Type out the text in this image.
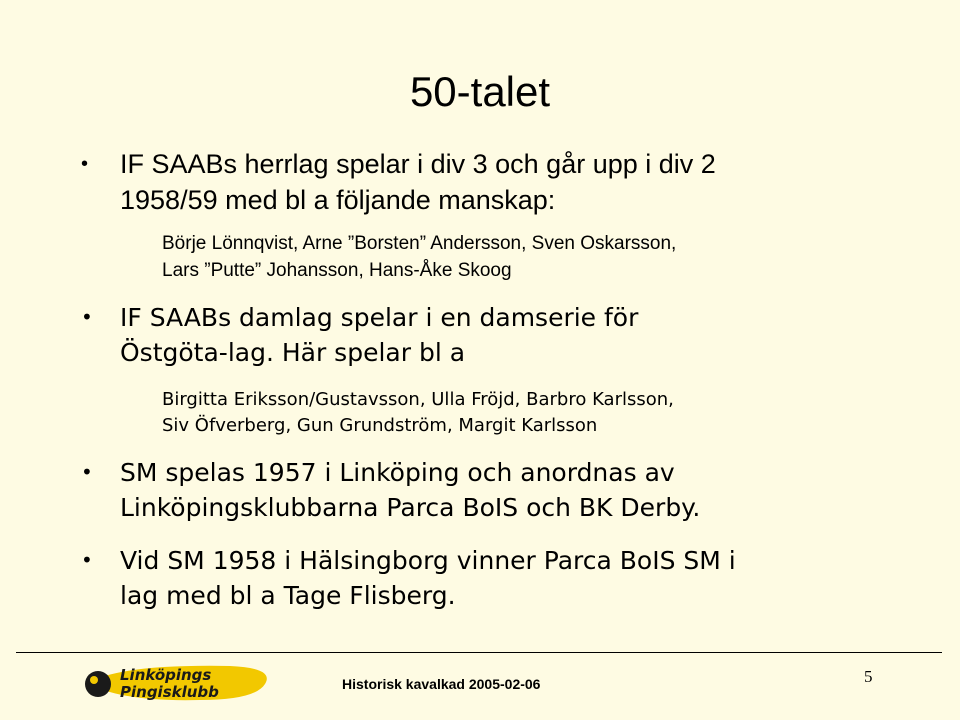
50-talet
•	IF SAABs herrlag spelar i div 3 och går upp i div 2
1958/59 med bl a följande manskap:
Börje Lönnqvist, Arne ”Borsten” Andersson, Sven Oskarsson,
Lars ”Putte” Johansson, Hans-Åke Skoog
•	IF SAABs damlag spelar i en damserie för
Östgöta-lag. Här spelar bl a
Birgitta Eriksson/Gustavsson, Ulla Fröjd, Barbro Karlsson,
Siv Öfverberg, Gun Grundström, Margit Karlsson
•	SM spelas 1957 i Linköping och anordnas av
Linköpingsklubbarna Parca BoIS och BK Derby.
•	Vid SM 1958 i Hälsingborg vinner Parca BoIS SM i
lag med bl a Tage Flisberg.
Linköpings
Pingisklubb	Historisk kavalkad 2005-02-06	5
